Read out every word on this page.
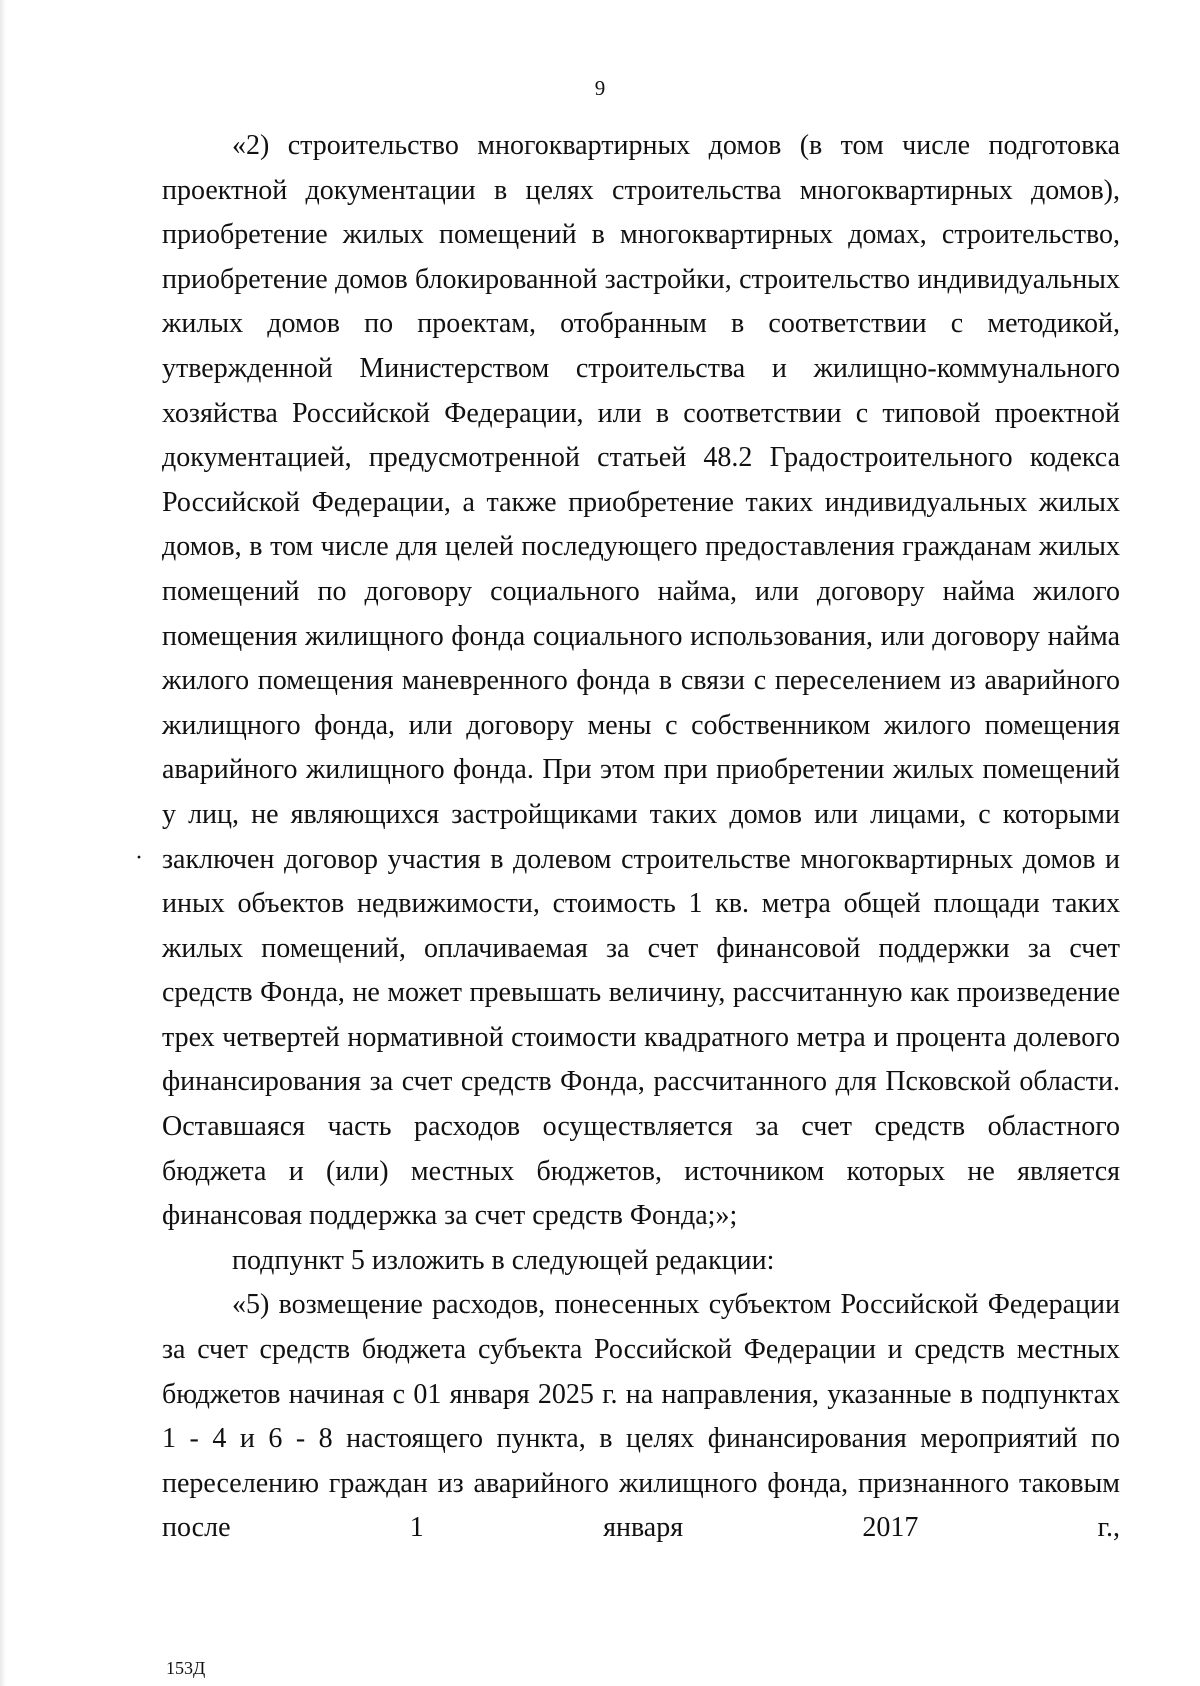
9

«2) строительство многоквартирных домов (в том числе подготовка проектной документации в целях строительства многоквартирных домов), приобретение жилых помещений в многоквартирных домах, строительство, приобретение домов блокированной застройки, строительство индивидуальных жилых домов по проектам, отобранным в соответствии с методикой, утвержденной Министерством строительства и жилищно-коммунального хозяйства Российской Федерации, или в соответствии с типовой проектной документацией, предусмотренной статьей 48.2 Градостроительного кодекса Российской Федерации, а также приобретение таких индивидуальных жилых домов, в том числе для целей последующего предоставления гражданам жилых помещений по договору социального найма, или договору найма жилого помещения жилищного фонда социального использования, или договору найма жилого помещения маневренного фонда в связи с переселением из аварийного жилищного фонда, или договору мены с собственником жилого помещения аварийного жилищного фонда. При этом при приобретении жилых помещений у лиц, не являющихся застройщиками таких домов или лицами, с которыми заключен договор участия в долевом строительстве многоквартирных домов и иных объектов недвижимости, стоимость 1 кв. метра общей площади таких жилых помещений, оплачиваемая за счет финансовой поддержки за счет средств Фонда, не может превышать величину, рассчитанную как произведение трех четвертей нормативной стоимости квадратного метра и процента долевого финансирования за счет средств Фонда, рассчитанного для Псковской области. Оставшаяся часть расходов осуществляется за счет средств областного бюджета и (или) местных бюджетов, источником которых не является финансовая поддержка за счет средств Фонда;»;

подпункт 5 изложить в следующей редакции:

«5) возмещение расходов, понесенных субъектом Российской Федерации за счет средств бюджета субъекта Российской Федерации и средств местных бюджетов начиная с 01 января 2025 г. на направления, указанные в подпунктах 1 - 4 и 6 - 8 настоящего пункта, в целях финансирования мероприятий по переселению граждан из аварийного жилищного фонда, признанного таковым после 1 января 2017 г.,

·
153Д
